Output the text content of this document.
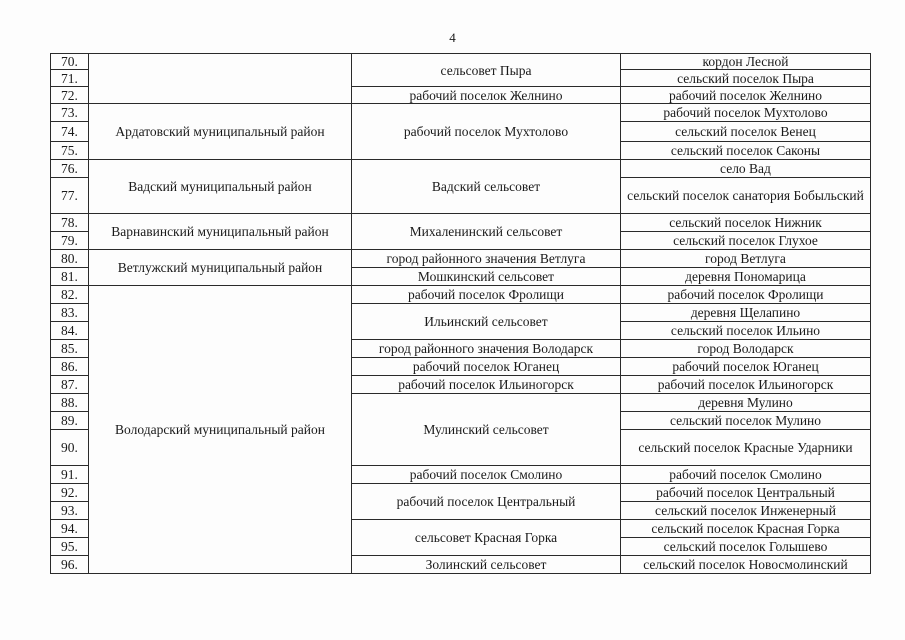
4
70.		сельсовет Пыра	кордон Лесной
71.			сельский поселок Пыра
72.		рабочий поселок Желнино	рабочий поселок Желнино
73.	Ардатовский муниципальный район	рабочий поселок Мухтолово	рабочий поселок Мухтолово
74.			сельский поселок Венец
75.			сельский поселок Саконы
76.	Вадский муниципальный район	Вадский сельсовет	село Вад
77.			сельский поселок санатория Бобыльский
78.	Варнавинский муниципальный район	Михаленинский сельсовет	сельский поселок Нижник
79.			сельский поселок Глухое
80.	Ветлужский муниципальный район	город районного значения Ветлуга	город Ветлуга
81.		Мошкинский сельсовет	деревня Пономарица
82.	Володарский муниципальный район	рабочий поселок Фролищи	рабочий поселок Фролищи
83.		Ильинский сельсовет	деревня Щелапино
84.			сельский поселок Ильино
85.		город районного значения Володарск	город Володарск
86.		рабочий поселок Юганец	рабочий поселок Юганец
87.		рабочий поселок Ильиногорск	рабочий поселок Ильиногорск
88.		Мулинский сельсовет	деревня Мулино
89.			сельский поселок Мулино
90.			сельский поселок Красные Ударники
91.		рабочий поселок Смолино	рабочий поселок Смолино
92.		рабочий поселок Центральный	рабочий поселок Центральный
93.			сельский поселок Инженерный
94.		сельсовет Красная Горка	сельский поселок Красная Горка
95.			сельский поселок Голышево
96.		Золинский сельсовет	сельский поселок Новосмолинский
